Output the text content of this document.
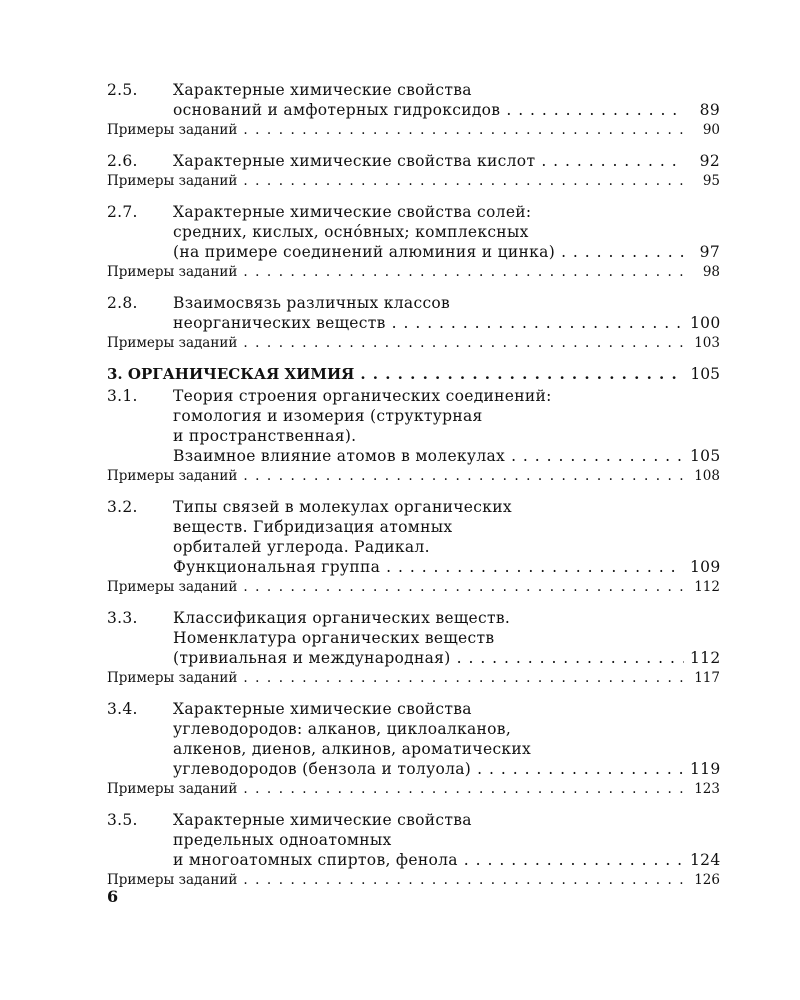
2.5.	Характерные химические свойства
оснований и амфотерных гидроксидов . . .	89
Примеры заданий . . .	90
2.6.	Характерные химические свойства кислот . . .	92
Примеры заданий . . .	95
2.7.	Характерные химические свойства солей:
средних, кислых, осно́вных; комплексных
(на примере соединений алюминия и цинка) . . .	97
Примеры заданий . . .	98
2.8.	Взаимосвязь различных классов
неорганических веществ . . .	100
Примеры заданий . . .	103
3. ОРГАНИЧЕСКАЯ ХИМИЯ . . .	105
3.1.	Теория строения органических соединений:
гомология и изомерия (структурная
и пространственная).
Взаимное влияние атомов в молекулах . . .	105
Примеры заданий . . .	108
3.2.	Типы связей в молекулах органических
веществ. Гибридизация атомных
орбиталей углерода. Радикал.
Функциональная группа . . .	109
Примеры заданий . . .	112
3.3.	Классификация органических веществ.
Номенклатура органических веществ
(тривиальная и международная) . . .	112
Примеры заданий . . .	117
3.4.	Характерные химические свойства
углеводородов: алканов, циклоалканов,
алкенов, диенов, алкинов, ароматических
углеводородов (бензола и толуола) . . .	119
Примеры заданий . . .	123
3.5.	Характерные химические свойства
предельных одноатомных
и многоатомных спиртов, фенола . . .	124
Примеры заданий . . .	126
6
